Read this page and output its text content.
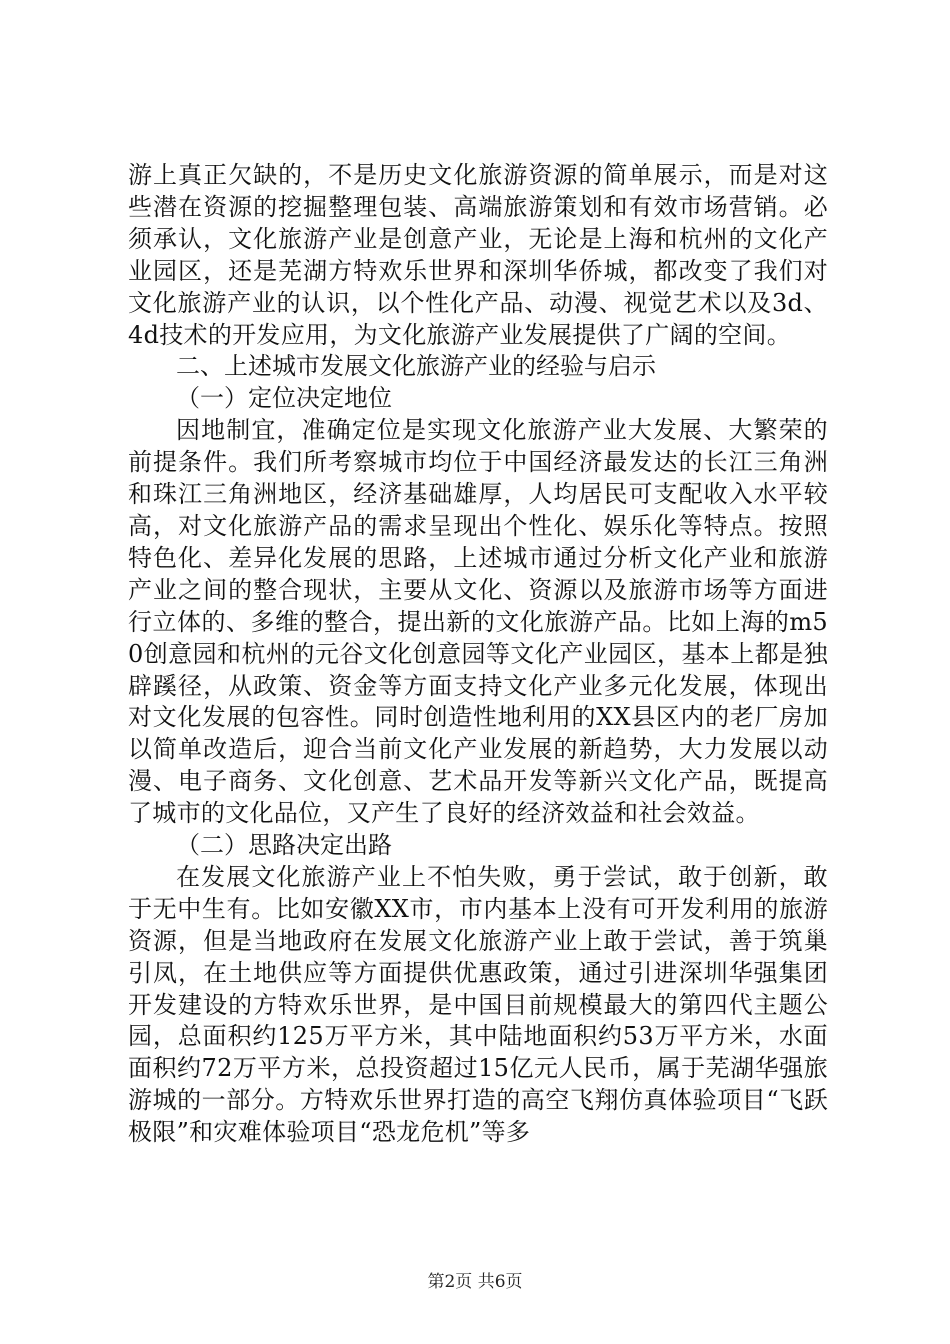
游上真正欠缺的，不是历史文化旅游资源的简单展示，而是对这些潜在资源的挖掘整理包装、高端旅游策划和有效市场营销。必须承认，文化旅游产业是创意产业，无论是上海和杭州的文化产业园区，还是芜湖方特欢乐世界和深圳华侨城，都改变了我们对文化旅游产业的认识，以个性化产品、动漫、视觉艺术以及3d、4d技术的开发应用，为文化旅游产业发展提供了广阔的空间。

二、上述城市发展文化旅游产业的经验与启示

（一）定位决定地位

因地制宜，准确定位是实现文化旅游产业大发展、大繁荣的前提条件。我们所考察城市均位于中国经济最发达的长江三角洲和珠江三角洲地区，经济基础雄厚，人均居民可支配收入水平较高，对文化旅游产品的需求呈现出个性化、娱乐化等特点。按照特色化、差异化发展的思路，上述城市通过分析文化产业和旅游产业之间的整合现状，主要从文化、资源以及旅游市场等方面进行立体的、多维的整合，提出新的文化旅游产品。比如上海的m50创意园和杭州的元谷文化创意园等文化产业园区，基本上都是独辟蹊径，从政策、资金等方面支持文化产业多元化发展，体现出对文化发展的包容性。同时创造性地利用的XX县区内的老厂房加以简单改造后，迎合当前文化产业发展的新趋势，大力发展以动漫、电子商务、文化创意、艺术品开发等新兴文化产品，既提高了城市的文化品位，又产生了良好的经济效益和社会效益。

（二）思路决定出路

在发展文化旅游产业上不怕失败，勇于尝试，敢于创新，敢于无中生有。比如安徽XX市，市内基本上没有可开发利用的旅游资源，但是当地政府在发展文化旅游产业上敢于尝试，善于筑巢引凤，在土地供应等方面提供优惠政策，通过引进深圳华强集团开发建设的方特欢乐世界，是中国目前规模最大的第四代主题公园，总面积约125万平方米，其中陆地面积约53万平方米，水面面积约72万平方米，总投资超过15亿元人民币，属于芜湖华强旅游城的一部分。方特欢乐世界打造的高空飞翔仿真体验项目“飞跃极限”和灾难体验项目“恐龙危机”等多

第2页 共6页
